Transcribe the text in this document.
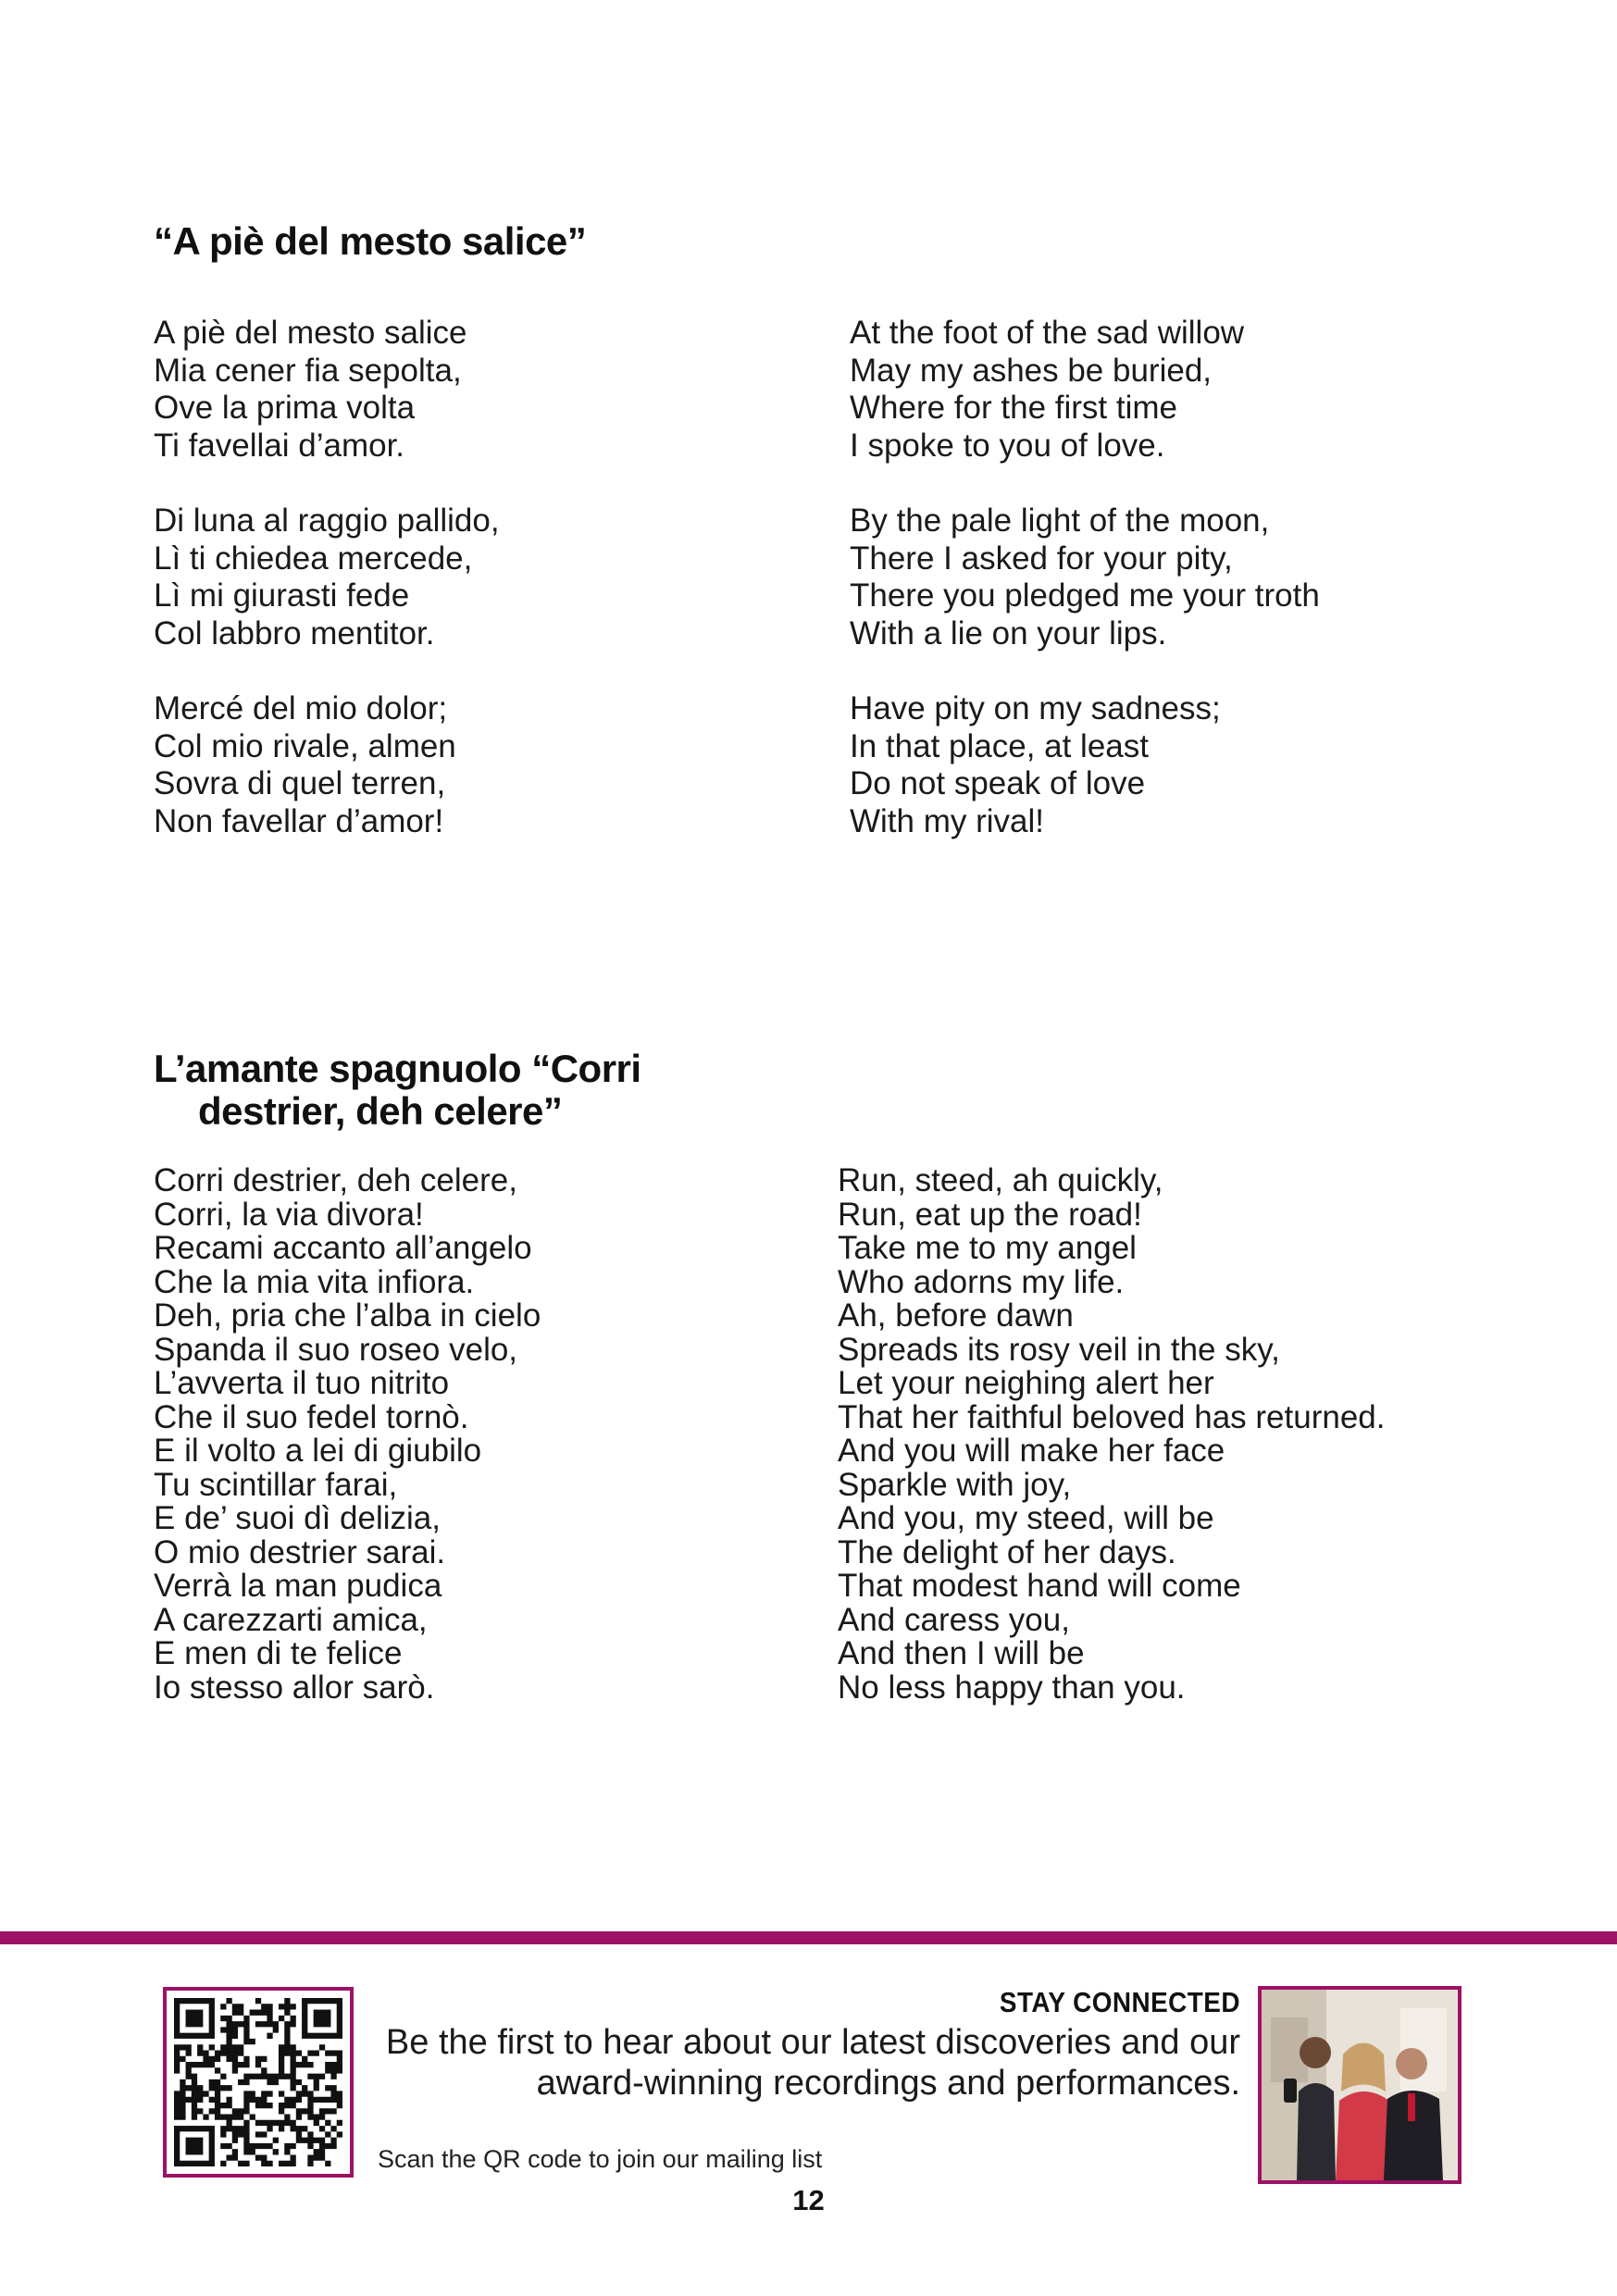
“A piè del mesto salice”
A piè del mesto salice
Mia cener fia sepolta,
Ove la prima volta
Ti favellai d’amor.
Di luna al raggio pallido,
Lì ti chiedea mercede,
Lì mi giurasti fede
Col labbro mentitor.
Mercé del mio dolor;
Col mio rivale, almen
Sovra di quel terren,
Non favellar d’amor!
At the foot of the sad willow
May my ashes be buried,
Where for the first time
I spoke to you of love.
By the pale light of the moon,
There I asked for your pity,
There you pledged me your troth
With a lie on your lips.
Have pity on my sadness;
In that place, at least
Do not speak of love
With my rival!
L’amante spagnuolo “Corri
destrier, deh celere”
Corri destrier, deh celere,
Corri, la via divora!
Recami accanto all’angelo
Che la mia vita infiora.
Deh, pria che l’alba in cielo
Spanda il suo roseo velo,
L’avverta il tuo nitrito
Che il suo fedel tornò.
E il volto a lei di giubilo
Tu scintillar farai,
E de’ suoi dì delizia,
O mio destrier sarai.
Verrà la man pudica
A carezzarti amica,
E men di te felice
Io stesso allor sarò.
Run, steed, ah quickly,
Run, eat up the road!
Take me to my angel
Who adorns my life.
Ah, before dawn
Spreads its rosy veil in the sky,
Let your neighing alert her
That her faithful beloved has returned.
And you will make her face
Sparkle with joy,
And you, my steed, will be
The delight of her days.
That modest hand will come
And caress you,
And then I will be
No less happy than you.
STAY CONNECTED
Be the first to hear about our latest discoveries and our
award-winning recordings and performances.
Scan the QR code to join our mailing list
12
